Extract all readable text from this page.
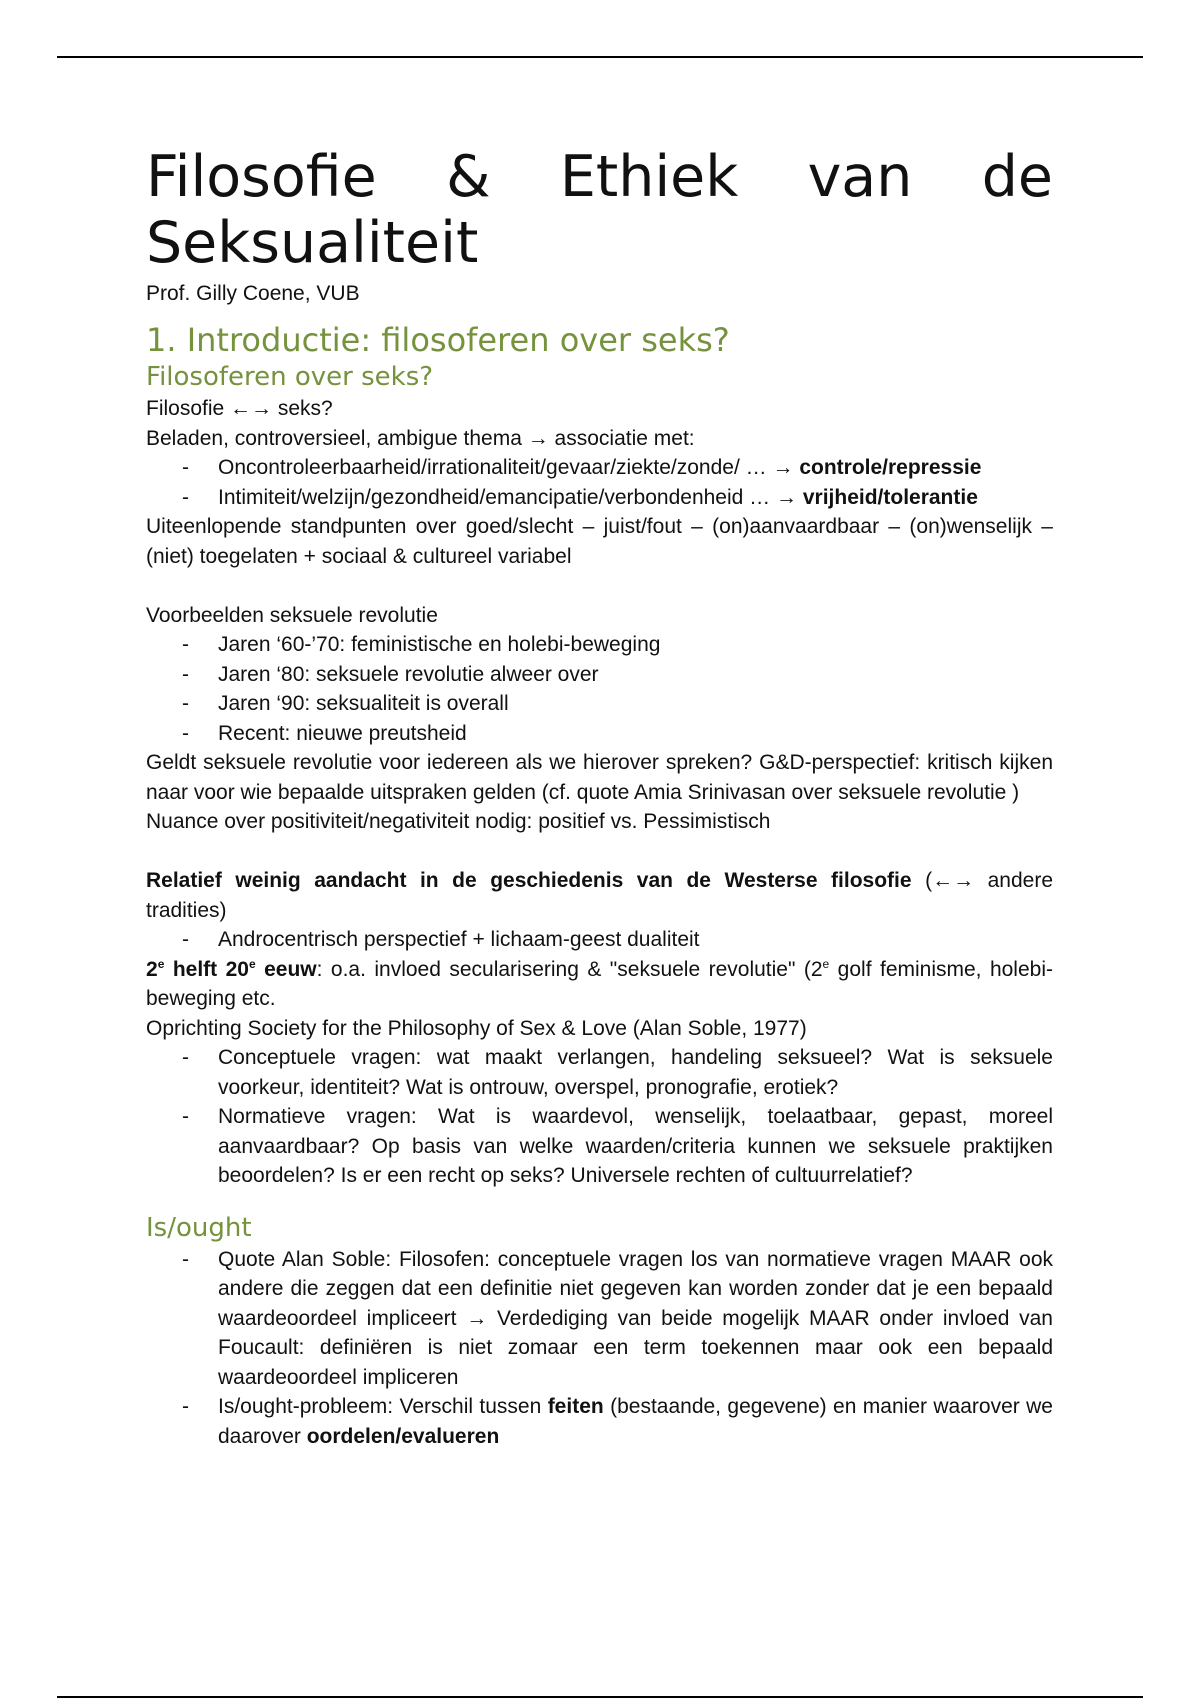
Filosofie & Ethiek van de
Seksualiteit

Prof. Gilly Coene, VUB

1. Introductie: filosoferen over seks?
Filosoferen over seks?

Filosofie ←→ seks?

Beladen, controversieel, ambigue thema → associatie met:

- Oncontroleerbaarheid/irrationaliteit/gevaar/ziekte/zonde/ … → controle/repressie
- Intimiteit/welzijn/gezondheid/emancipatie/verbondenheid … → vrijheid/tolerantie

Uiteenlopende standpunten over goed/slecht – juist/fout – (on)aanvaardbaar – (on)wenselijk – (niet) toegelaten + sociaal & cultureel variabel

Voorbeelden seksuele revolutie

- Jaren ‘60-’70: feministische en holebi-beweging
- Jaren ‘80: seksuele revolutie alweer over
- Jaren ‘90: seksualiteit is overall
- Recent: nieuwe preutsheid

Geldt seksuele revolutie voor iedereen als we hierover spreken? G&D-perspectief: kritisch kijken naar voor wie bepaalde uitspraken gelden (cf. quote Amia Srinivasan over seksuele revolutie )

Nuance over positiviteit/negativiteit nodig: positief vs. Pessimistisch

Relatief weinig aandacht in de geschiedenis van de Westerse filosofie (←→ andere tradities)

- Androcentrisch perspectief + lichaam-geest dualiteit

2e helft 20e eeuw: o.a. invloed secularisering & "seksuele revolutie" (2e golf feminisme, holebi-beweging etc.

Oprichting Society for the Philosophy of Sex & Love (Alan Soble, 1977)

- Conceptuele vragen: wat maakt verlangen, handeling seksueel? Wat is seksuele voorkeur, identiteit? Wat is ontrouw, overspel, pronografie, erotiek?
- Normatieve vragen: Wat is waardevol, wenselijk, toelaatbaar, gepast, moreel aanvaardbaar? Op basis van welke waarden/criteria kunnen we seksuele praktijken beoordelen? Is er een recht op seks? Universele rechten of cultuurrelatief?
Is/ought
- Quote Alan Soble: Filosofen: conceptuele vragen los van normatieve vragen MAAR ook andere die zeggen dat een definitie niet gegeven kan worden zonder dat je een bepaald waardeoordeel impliceert → Verdediging van beide mogelijk MAAR onder invloed van Foucault: definiëren is niet zomaar een term toekennen maar ook een bepaald waardeoordeel impliceren
- Is/ought-probleem: Verschil tussen feiten (bestaande, gegevene) en manier waarover we daarover oordelen/evalueren
